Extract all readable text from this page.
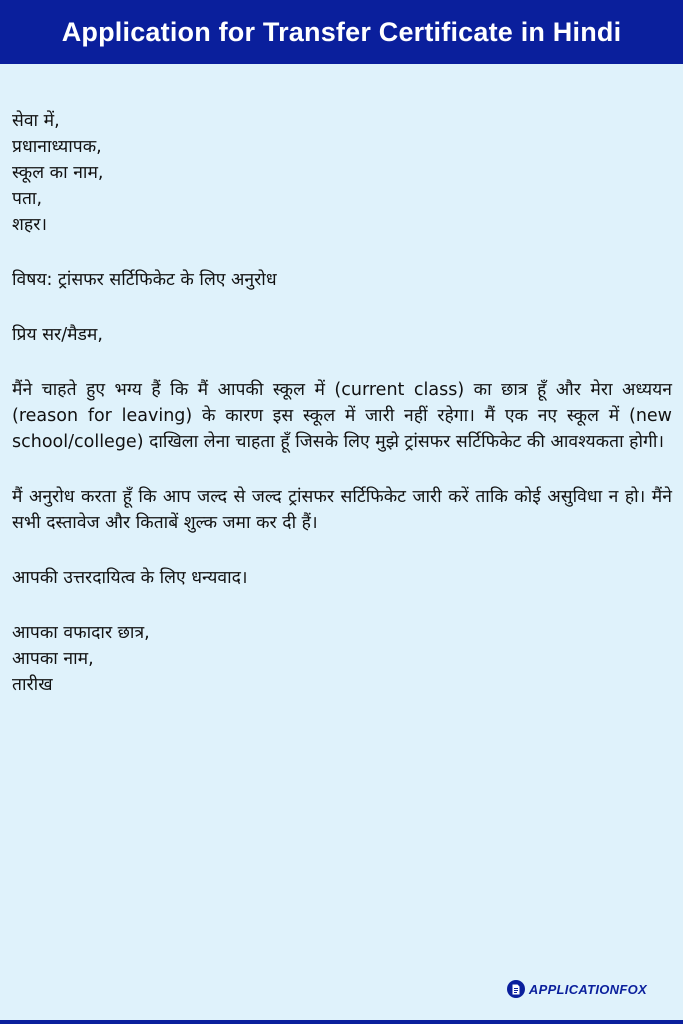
Application for Transfer Certificate in Hindi
सेवा में,
प्रधानाध्यापक,
स्कूल का नाम,
पता,
शहर।
विषय: ट्रांसफर सर्टिफिकेट के लिए अनुरोध
प्रिय सर/मैडम,
मैंने चाहते हुए भग्य हैं कि मैं आपकी स्कूल में (current class) का छात्र हूँ और मेरा अध्ययन (reason for leaving) के कारण इस स्कूल में जारी नहीं रहेगा। मैं एक नए स्कूल में (new school/college) दाखिला लेना चाहता हूँ जिसके लिए मुझे ट्रांसफर सर्टिफिकेट की आवश्यकता होगी।
मैं अनुरोध करता हूँ कि आप जल्द से जल्द ट्रांसफर सर्टिफिकेट जारी करें ताकि कोई असुविधा न हो। मैंने सभी दस्तावेज और किताबें शुल्क जमा कर दी हैं।
आपकी उत्तरदायित्व के लिए धन्यवाद।
आपका वफादार छात्र,
आपका नाम,
तारीख
APPLICATIONFOX
